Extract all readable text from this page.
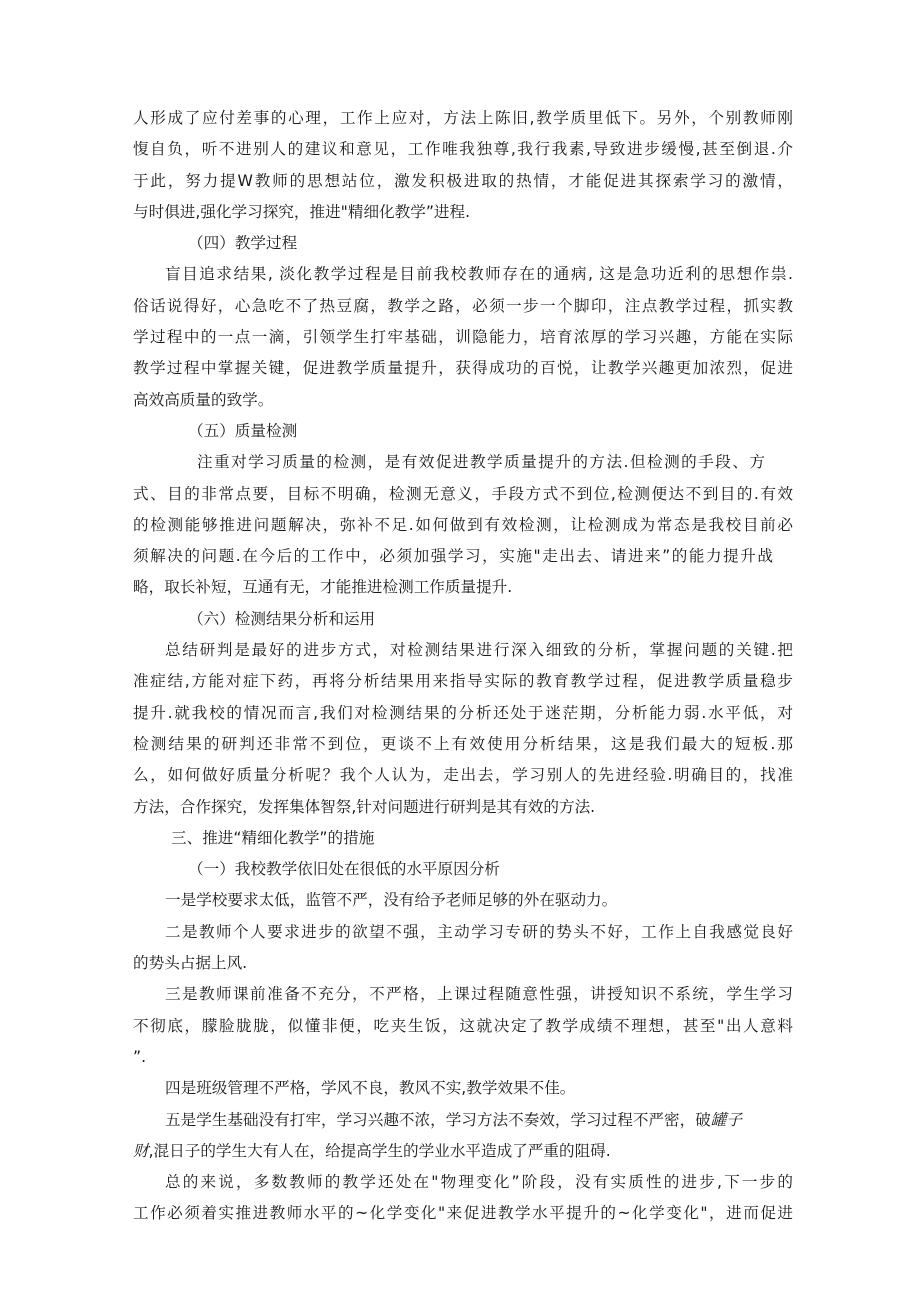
人形成了应付差事的心理，工作上应对，方法上陈旧,教学质里低下。另外，个别教师刚
愎自负，听不进别人的建议和意见，工作唯我独尊,我行我素,导致进步缓慢,甚至倒退.介
于此，努力提W教师的思想站位，激发积极进取的热情，才能促进其探索学习的激情，
与时俱进,强化学习探究，推进"精细化教学”进程.
（四）教学过程
盲目追求结果, 淡化教学过程是目前我校教师存在的通病, 这是急功近利的思想作祟.
俗话说得好，心急吃不了热豆腐，教学之路，必须一步一个脚印，注点教学过程，抓实教
学过程中的一点一滴，引领学生打牢基础，训隐能力，培育浓厚的学习兴趣，方能在实际
教学过程中掌握关键，促进教学质量提升，获得成功的百悦，让教学兴趣更加浓烈，促进
高效高质量的致学。
（五）质量检测
注重对学习质量的检测，是有效促进教学质量提升的方法.但检测的手段、方
式、目的非常点要，目标不明确，检测无意义，手段方式不到位,检测便达不到目的.有效
的检测能够推进问题解决，弥补不足.如何做到有效检测，让检测成为常态是我校目前必
须解决的问题.在今后的工作中，必须加强学习，实施"走出去、请进来”的能力提升战
略，取长补短，互通有无，才能推进检测工作质量提升.
（六）检测结果分析和运用
总结研判是最好的进步方式，对检测结果进行深入细致的分析，掌握问题的关键.把
准症结,方能对症下药，再将分析结果用来指导实际的教育教学过程，促进教学质量稳步
提升.就我校的情况而言,我们对检测结果的分析还处于迷茫期，分析能力弱.水平低，对
检测结果的研判还非常不到位，更谈不上有效使用分析结果，这是我们最大的短板.那
么，如何做好质量分析呢？我个人认为，走出去，学习别人的先进经验.明确目的，找准
方法，合作探究，发挥集体智祭,针对问题进行研判是其有效的方法.
三、推进“精细化教学”的措施
（一）我校教学依旧处在很低的水平原因分析
一是学校要求太低，监管不严，没有给予老师足够的外在驱动力。
二是教师个人要求进步的欲望不强，主动学习专研的势头不好，工作上自我感觉良好
的势头占据上风.
三是教师课前准备不充分，不严格，上课过程随意性强，讲授知识不系统，学生学习
不彻底，朦脸胧胧，似懂非便，吃夹生饭，这就决定了教学成绩不理想，甚至"出人意料
”.
四是班级管理不严格，学风不良，教风不实,教学效果不佳。
五是学生基础没有打牢，学习兴趣不浓，学习方法不奏效，学习过程不严密，破罐子
财,混日子的学生大有人在，给提高学生的学业水平造成了严重的阻碍.
总的来说，多数教师的教学还处在"物理变化”阶段，没有实质性的进步,下一步的
工作必须着实推进教师水平的~化学变化"来促进教学水平提升的~化学变化"，进而促进
